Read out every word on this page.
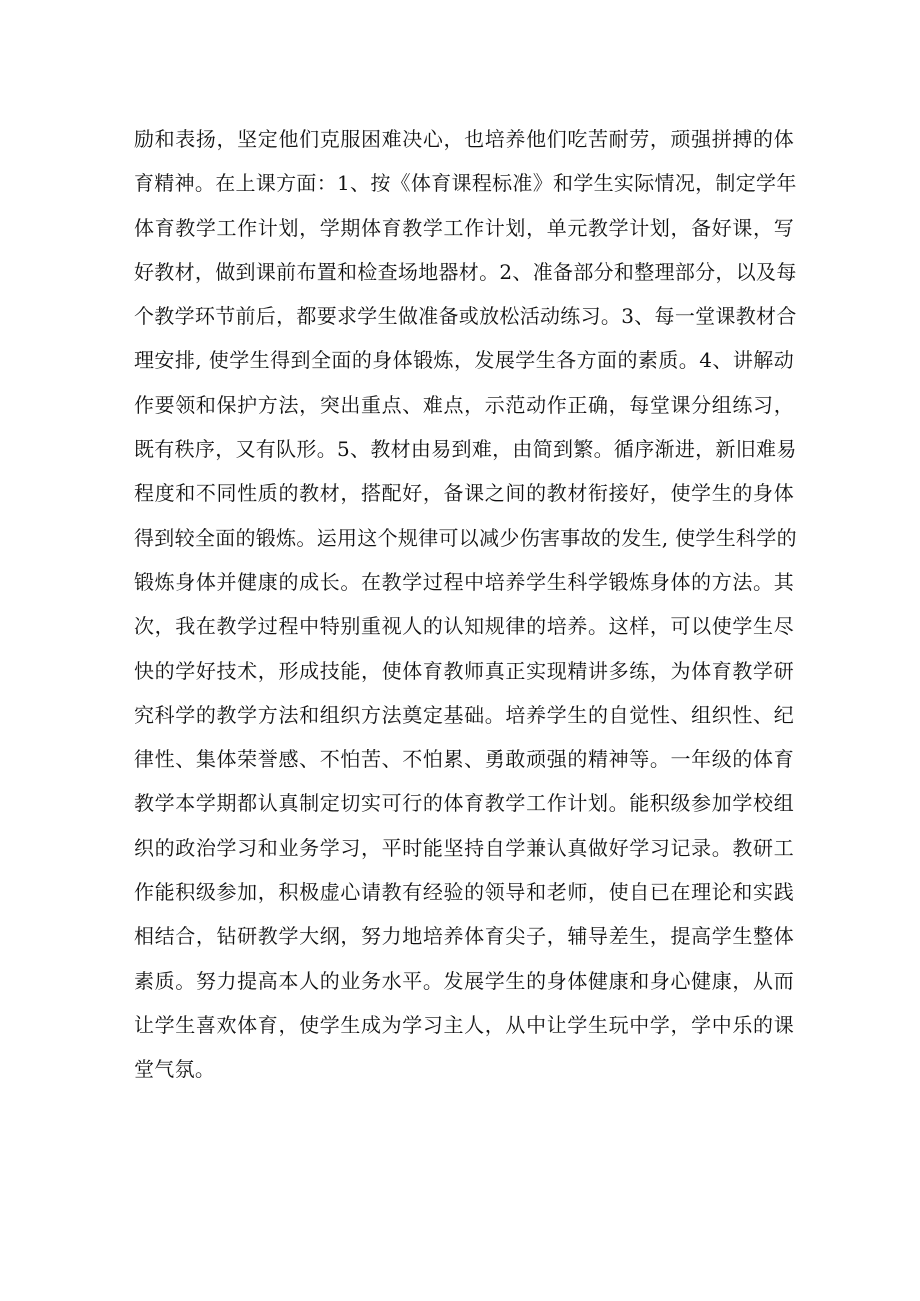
励和表扬，坚定他们克服困难决心，也培养他们吃苦耐劳，顽强拼搏的体
育精神。在上课方面：1、按《体育课程标准》和学生实际情况，制定学年
体育教学工作计划，学期体育教学工作计划，单元教学计划，备好课，写
好教材，做到课前布置和检查场地器材。2、准备部分和整理部分，以及每
个教学环节前后，都要求学生做准备或放松活动练习。3、每一堂课教材合
理安排, 使学生得到全面的身体锻炼，发展学生各方面的素质。4、讲解动
作要领和保护方法，突出重点、难点，示范动作正确，每堂课分组练习，
既有秩序，又有队形。5、教材由易到难，由简到繁。循序渐进，新旧难易
程度和不同性质的教材，搭配好，备课之间的教材衔接好，使学生的身体
得到较全面的锻炼。运用这个规律可以减少伤害事故的发生, 使学生科学的
锻炼身体并健康的成长。在教学过程中培养学生科学锻炼身体的方法。其
次，我在教学过程中特别重视人的认知规律的培养。这样，可以使学生尽
快的学好技术，形成技能，使体育教师真正实现精讲多练，为体育教学研
究科学的教学方法和组织方法奠定基础。培养学生的自觉性、组织性、纪
律性、集体荣誉感、不怕苦、不怕累、勇敢顽强的精神等。一年级的体育
教学本学期都认真制定切实可行的体育教学工作计划。能积级参加学校组
织的政治学习和业务学习，平时能坚持自学兼认真做好学习记录。教研工
作能积级参加，积极虚心请教有经验的领导和老师，使自已在理论和实践
相结合，钻研教学大纲，努力地培养体育尖子，辅导差生，提高学生整体
素质。努力提高本人的业务水平。发展学生的身体健康和身心健康，从而
让学生喜欢体育，使学生成为学习主人，从中让学生玩中学，学中乐的课
堂气氛。
